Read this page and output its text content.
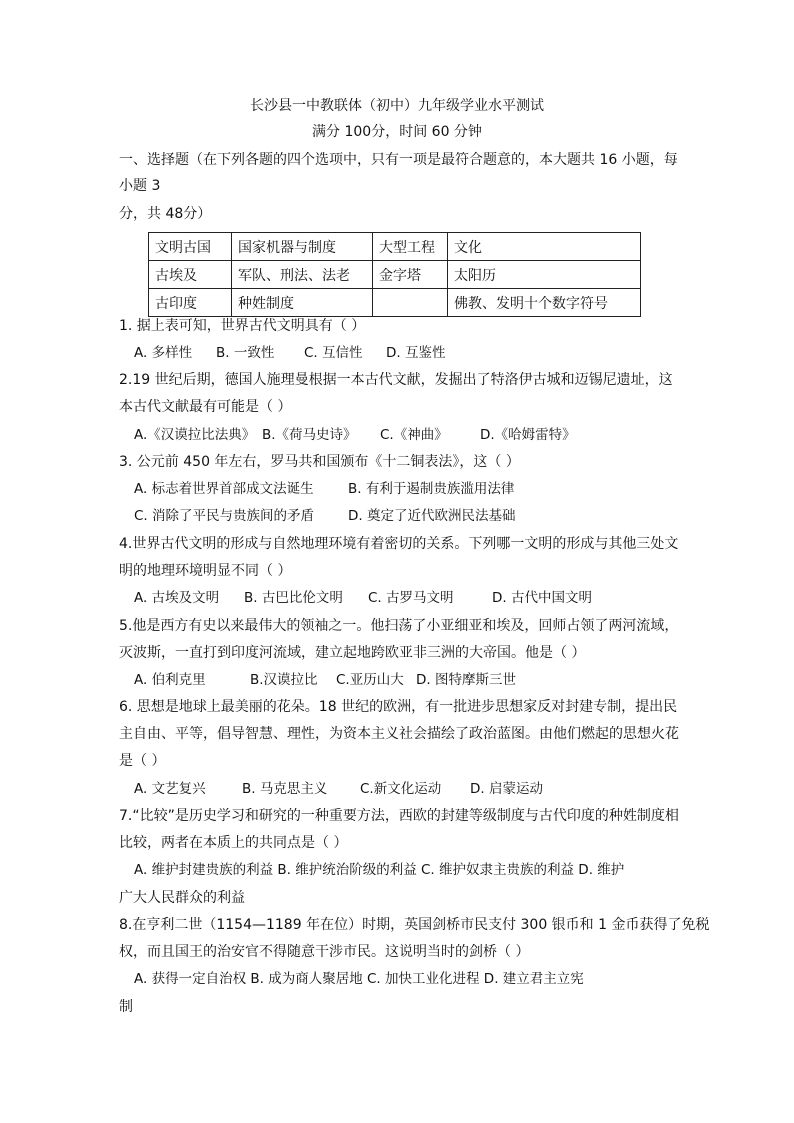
长沙县一中教联体（初中）九年级学业水平测试
满分 100分，时间 60 分钟
一、选择题（在下列各题的四个选项中，只有一项是最符合题意的，本大题共 16 小题，每
小题 3
分，共 48分）
文明古国	国家机器与制度	大型工程	文化
古埃及	军队、刑法、法老	金字塔	太阳历
古印度	种姓制度		佛教、发明十个数字符号
1. 据上表可知，世界古代文明具有（ ）
A. 多样性 B. 一致性 C. 互信性 D. 互鉴性
2.19 世纪后期，德国人施理曼根据一本古代文献，发掘出了特洛伊古城和迈锡尼遗址，这
本古代文献最有可能是（ ）
A.《汉谟拉比法典》 B.《荷马史诗》 C.《神曲》 D.《哈姆雷特》
3. 公元前 450 年左右，罗马共和国颁布《十二铜表法》，这（ ）
A. 标志着世界首部成文法诞生	B. 有利于遏制贵族滥用法律
C. 消除了平民与贵族间的矛盾	D. 奠定了近代欧洲民法基础
4.世界古代文明的形成与自然地理环境有着密切的关系。下列哪一文明的形成与其他三处文
明的地理环境明显不同（ ）
A. 古埃及文明 B. 古巴比伦文明 C. 古罗马文明	D. 古代中国文明
5.他是西方有史以来最伟大的领袖之一。他扫荡了小亚细亚和埃及，回师占领了两河流域，
灭波斯，一直打到印度河流域，建立起地跨欧亚非三洲的大帝国。他是（ ）
A. 伯利克里	B.汉谟拉比 C.亚历山大 D. 图特摩斯三世
6. 思想是地球上最美丽的花朵。18 世纪的欧洲，有一批进步思想家反对封建专制，提出民
主自由、平等，倡导智慧、理性，为资本主义社会描绘了政治蓝图。由他们燃起的思想火花
是（ ）
A. 文艺复兴	B. 马克思主义 C.新文化运动 D. 启蒙运动
7.“比较”是历史学习和研究的一种重要方法，西欧的封建等级制度与古代印度的种姓制度相
比较，两者在本质上的共同点是（ ）
A. 维护封建贵族的利益 B. 维护统治阶级的利益 C. 维护奴隶主贵族的利益 D. 维护
广大人民群众的利益
8.在亨利二世（1154—1189 年在位）时期，英国剑桥市民支付 300 银币和 1 金币获得了免税
权，而且国王的治安官不得随意干涉市民。这说明当时的剑桥（ ）
A. 获得一定自治权 B. 成为商人聚居地 C. 加快工业化进程 D. 建立君主立宪
制
